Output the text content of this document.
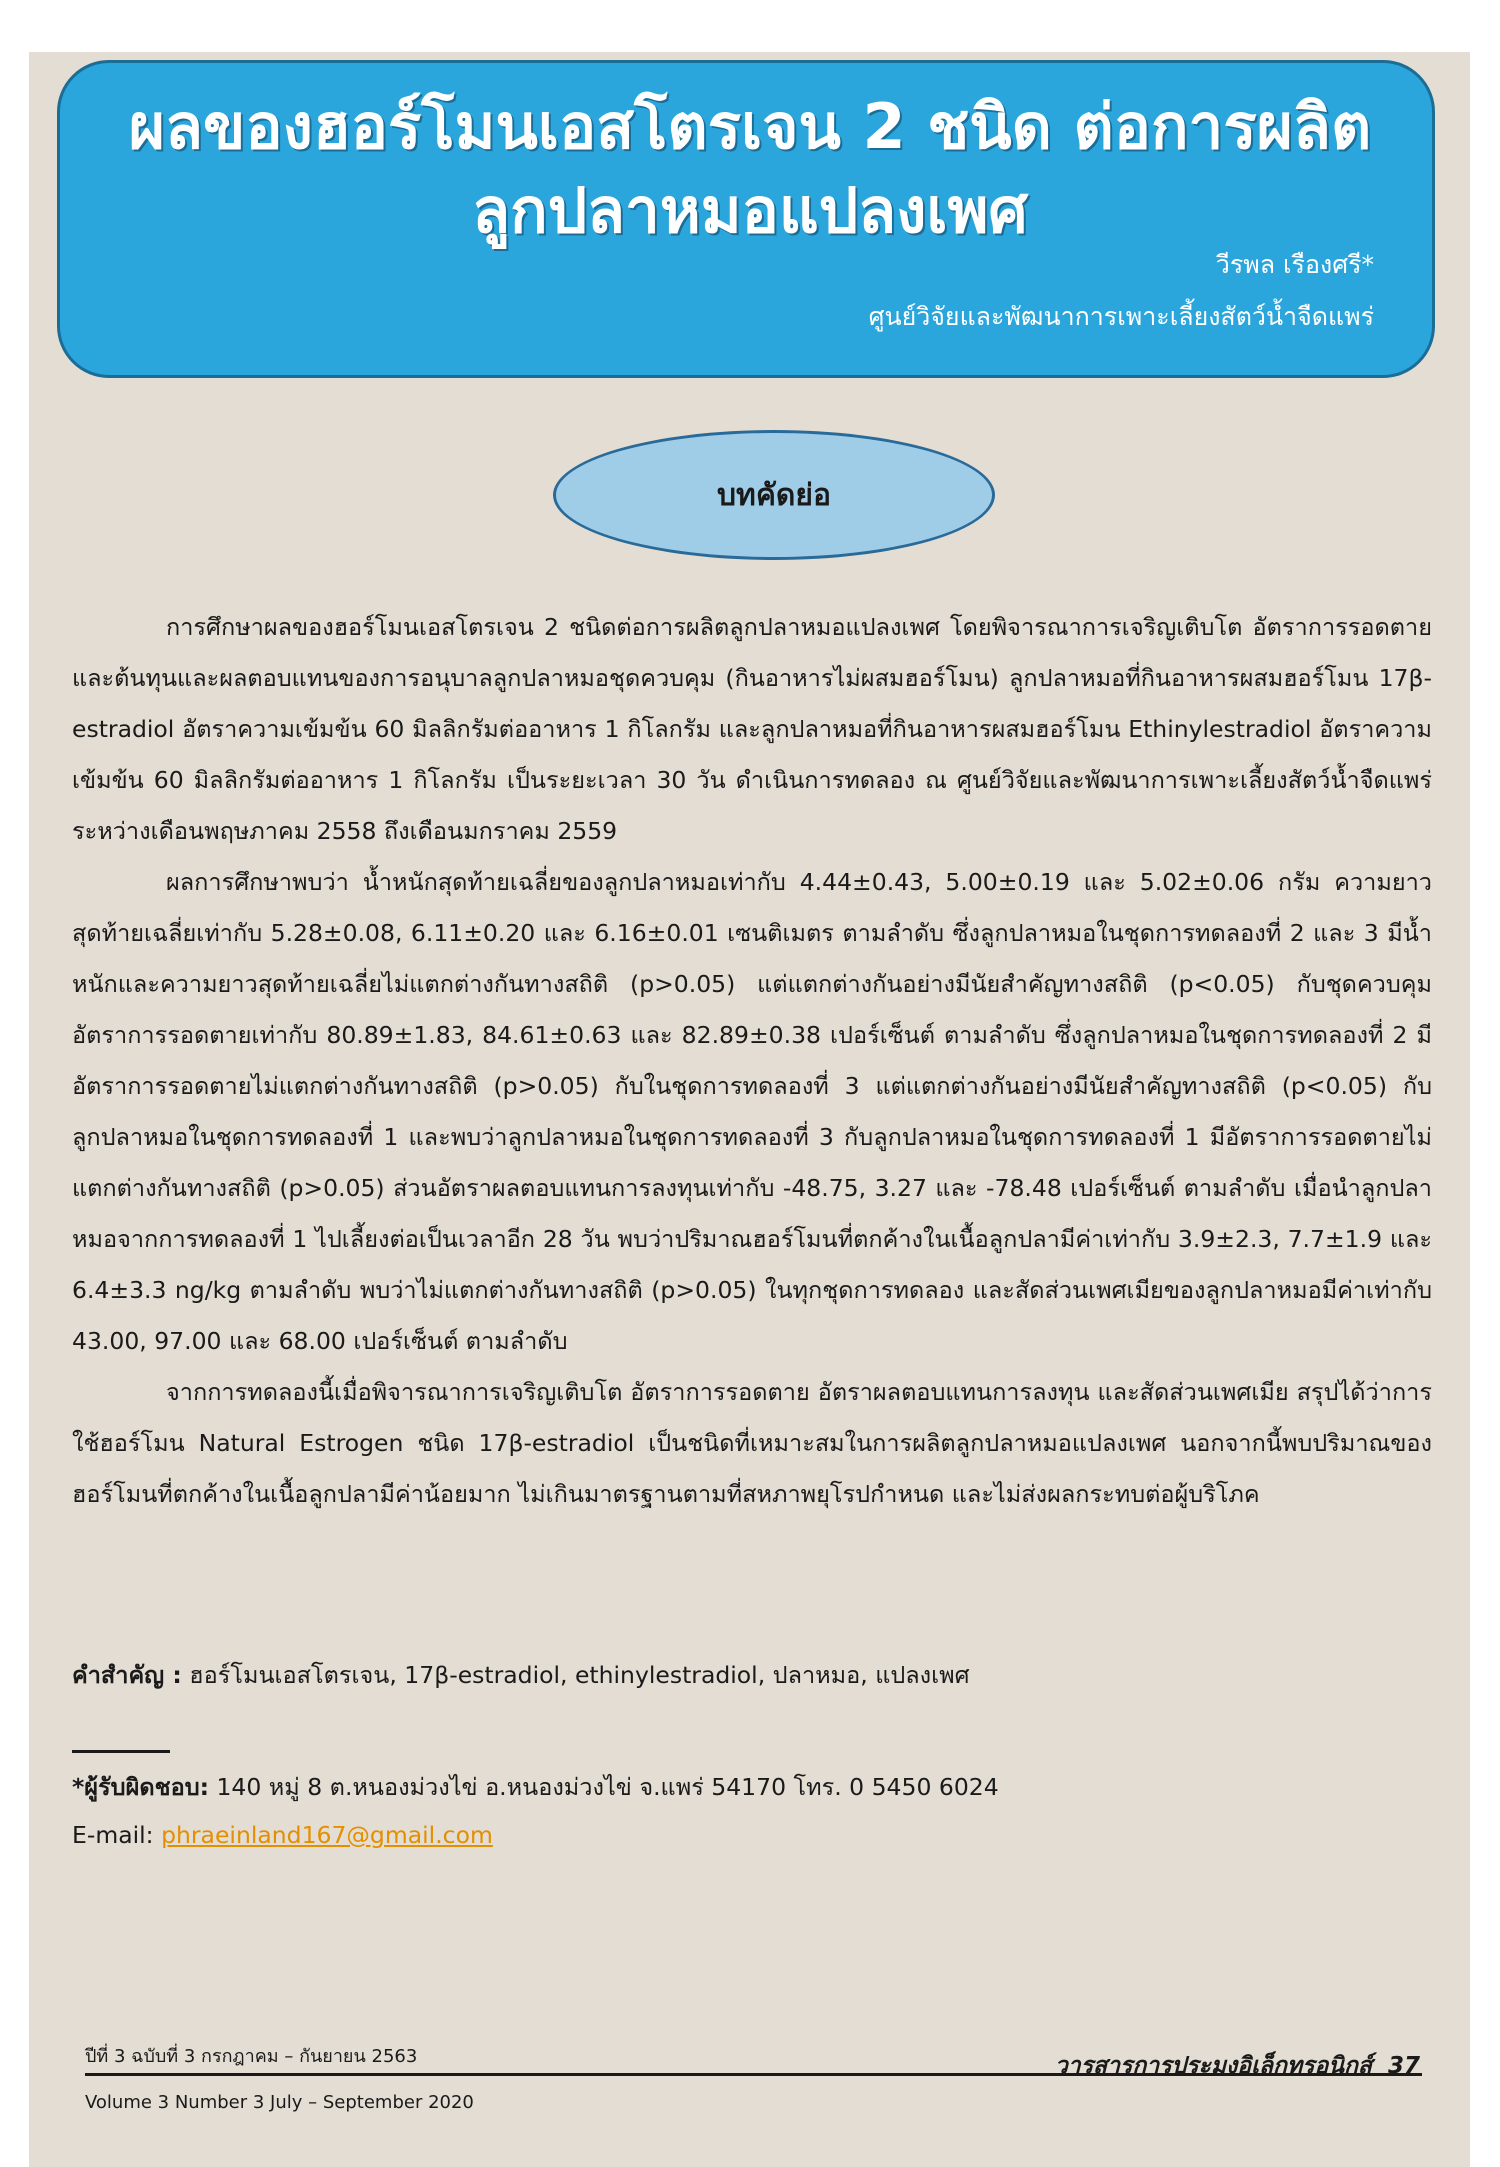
ผลของฮอร์โมนเอสโตรเจน 2 ชนิด ต่อการผลิต
ลูกปลาหมอแปลงเพศ

วีรพล เรืองศรี*

ศูนย์วิจัยและพัฒนาการเพาะเลี้ยงสัตว์น้ำจืดแพร่

บทคัดย่อ

การศึกษาผลของฮอร์โมนเอสโตรเจน 2 ชนิดต่อการผลิตลูกปลาหมอแปลงเพศ โดยพิจารณาการเจริญเติบโต อัตราการรอดตาย และต้นทุนและผลตอบแทนของการอนุบาลลูกปลาหมอชุดควบคุม (กินอาหารไม่ผสมฮอร์โมน) ลูกปลาหมอที่กินอาหารผสมฮอร์โมน 17β-estradiol อัตราความเข้มข้น 60 มิลลิกรัมต่ออาหาร 1 กิโลกรัม และลูกปลาหมอที่กินอาหารผสมฮอร์โมน Ethinylestradiol อัตราความเข้มข้น 60 มิลลิกรัมต่ออาหาร 1 กิโลกรัม เป็นระยะเวลา 30 วัน ดำเนินการทดลอง ณ ศูนย์วิจัยและพัฒนาการเพาะเลี้ยงสัตว์น้ำจืดแพร่ ระหว่างเดือนพฤษภาคม 2558 ถึงเดือนมกราคม 2559

ผลการศึกษาพบว่า น้ำหนักสุดท้ายเฉลี่ยของลูกปลาหมอเท่ากับ 4.44±0.43, 5.00±0.19 และ 5.02±0.06 กรัม ความยาวสุดท้ายเฉลี่ยเท่ากับ 5.28±0.08, 6.11±0.20 และ 6.16±0.01 เซนติเมตร ตามลำดับ ซึ่งลูกปลาหมอในชุดการทดลองที่ 2 และ 3 มีน้ำหนักและความยาวสุดท้ายเฉลี่ยไม่แตกต่างกันทางสถิติ (p>0.05) แต่แตกต่างกันอย่างมีนัยสำคัญทางสถิติ (p<0.05) กับชุดควบคุม อัตราการรอดตายเท่ากับ 80.89±1.83, 84.61±0.63 และ 82.89±0.38 เปอร์เซ็นต์ ตามลำดับ ซึ่งลูกปลาหมอในชุดการทดลองที่ 2 มีอัตราการรอดตายไม่แตกต่างกันทางสถิติ (p>0.05) กับในชุดการทดลองที่ 3 แต่แตกต่างกันอย่างมีนัยสำคัญทางสถิติ (p<0.05) กับลูกปลาหมอในชุดการทดลองที่ 1 และพบว่าลูกปลาหมอในชุดการทดลองที่ 3 กับลูกปลาหมอในชุดการทดลองที่ 1 มีอัตราการรอดตายไม่แตกต่างกันทางสถิติ (p>0.05) ส่วนอัตราผลตอบแทนการลงทุนเท่ากับ -48.75, 3.27 และ -78.48 เปอร์เซ็นต์ ตามลำดับ เมื่อนำลูกปลาหมอจากการทดลองที่ 1 ไปเลี้ยงต่อเป็นเวลาอีก 28 วัน พบว่าปริมาณฮอร์โมนที่ตกค้างในเนื้อลูกปลามีค่าเท่ากับ 3.9±2.3, 7.7±1.9 และ 6.4±3.3 ng/kg ตามลำดับ พบว่าไม่แตกต่างกันทางสถิติ (p>0.05) ในทุกชุดการทดลอง และสัดส่วนเพศเมียของลูกปลาหมอมีค่าเท่ากับ 43.00, 97.00 และ 68.00 เปอร์เซ็นต์ ตามลำดับ

จากการทดลองนี้เมื่อพิจารณาการเจริญเติบโต อัตราการรอดตาย อัตราผลตอบแทนการลงทุน และสัดส่วนเพศเมีย สรุปได้ว่าการใช้ฮอร์โมน Natural Estrogen ชนิด 17β-estradiol เป็นชนิดที่เหมาะสมในการผลิตลูกปลาหมอแปลงเพศ นอกจากนี้พบปริมาณของฮอร์โมนที่ตกค้างในเนื้อลูกปลามีค่าน้อยมาก ไม่เกินมาตรฐานตามที่สหภาพยุโรปกำหนด และไม่ส่งผลกระทบต่อผู้บริโภค

คำสำคัญ : ฮอร์โมนเอสโตรเจน, 17β-estradiol, ethinylestradiol, ปลาหมอ, แปลงเพศ
*ผู้รับผิดชอบ: 140 หมู่ 8 ต.หนองม่วงไข่ อ.หนองม่วงไข่ จ.แพร่ 54170 โทร. 0 5450 6024
E-mail: phraeinland167@gmail.com
ปีที่ 3 ฉบับที่ 3 กรกฎาคม – กันยายน 2563	วารสารการประมงอิเล็กทรอนิกส์ 37
Volume 3 Number 3 July – September 2020
